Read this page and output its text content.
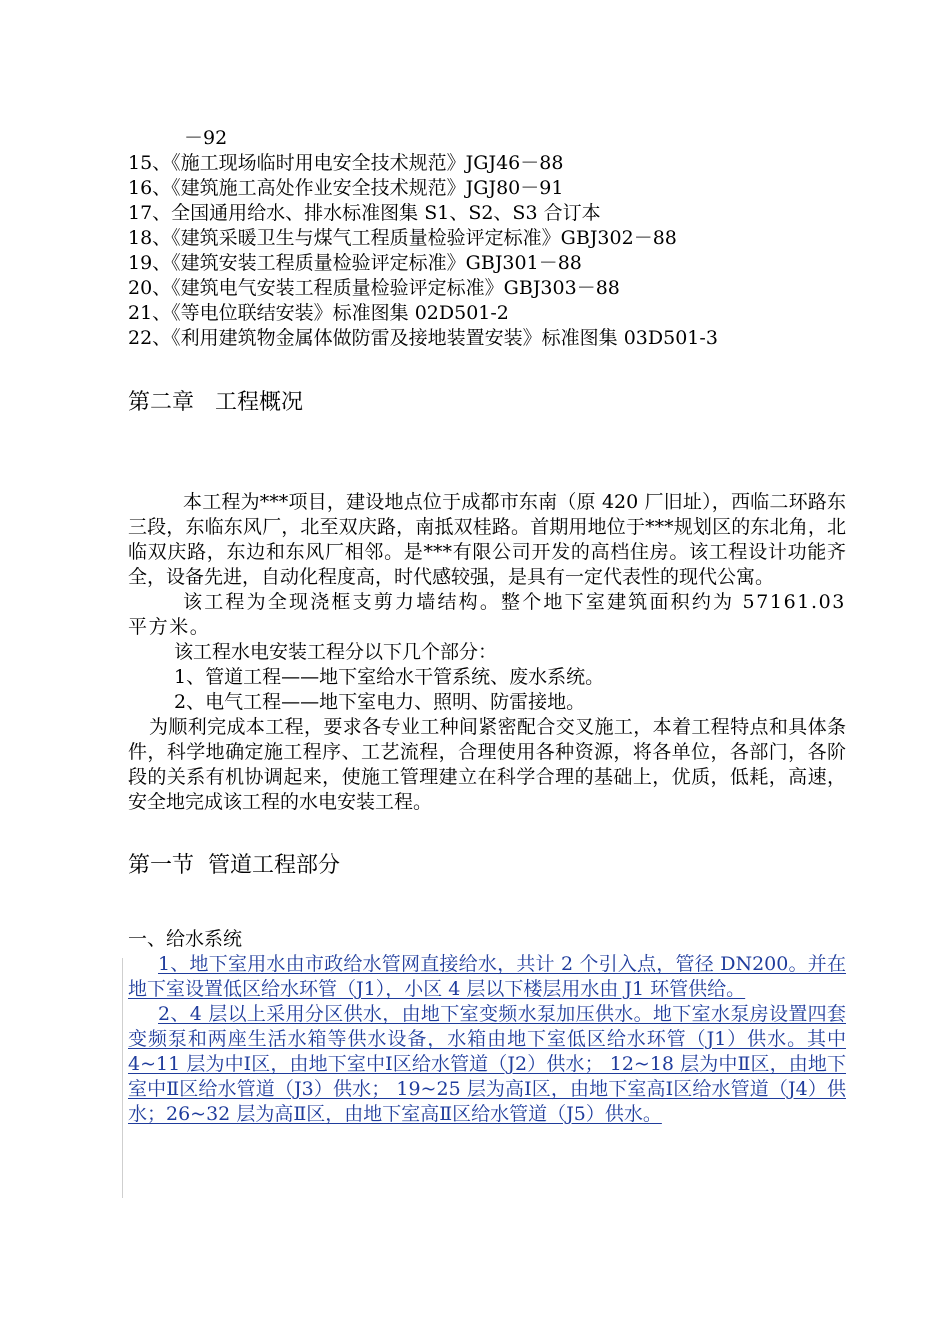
－92
15、《施工现场临时用电安全技术规范》JGJ46－88
16、《建筑施工高处作业安全技术规范》JGJ80－91
17、全国通用给水、排水标准图集 S1、S2、S3 合订本
18、《建筑采暖卫生与煤气工程质量检验评定标准》GBJ302－88
19、《建筑安装工程质量检验评定标准》GBJ301－88
20、《建筑电气安装工程质量检验评定标准》GBJ303－88
21、《等电位联结安装》标准图集 02D501-2
22、《利用建筑物金属体做防雷及接地装置安装》标准图集 03D501-3
第二章   工程概况

本工程为***项目，建设地点位于成都市东南（原 420 厂旧址），西临二环路东三段，东临东风厂，北至双庆路，南抵双桂路。首期用地位于***规划区的东北角，北临双庆路，东边和东风厂相邻。是***有限公司开发的高档住房。该工程设计功能齐全，设备先进，自动化程度高，时代感较强，是具有一定代表性的现代公寓。

该工程为全现浇框支剪力墙结构。整个地下室建筑面积约为 57161.03 平方米。

该工程水电安装工程分以下几个部分：

1、管道工程——地下室给水干管系统、废水系统。

2、电气工程——地下室电力、照明、防雷接地。

为顺利完成本工程，要求各专业工种间紧密配合交叉施工，本着工程特点和具体条件，科学地确定施工程序、工艺流程，合理使用各种资源，将各单位，各部门，各阶段的关系有机协调起来，使施工管理建立在科学合理的基础上，优质，低耗，高速，安全地完成该工程的水电安装工程。

第一节  管道工程部分
一、给水系统

1、地下室用水由市政给水管网直接给水，共计 2 个引入点，管径 DN200。并在地下室设置低区给水环管（J1），小区 4 层以下楼层用水由 J1 环管供给。

2、4 层以上采用分区供水，由地下室变频水泵加压供水。地下室水泵房设置四套变频泵和两座生活水箱等供水设备，水箱由地下室低区给水环管（J1）供水。其中 4~11 层为中Ⅰ区，由地下室中Ⅰ区给水管道（J2）供水； 12~18 层为中Ⅱ区，由地下室中Ⅱ区给水管道（J3）供水； 19~25 层为高Ⅰ区，由地下室高Ⅰ区给水管道（J4）供水；26~32 层为高Ⅱ区，由地下室高Ⅱ区给水管道（J5）供水。
